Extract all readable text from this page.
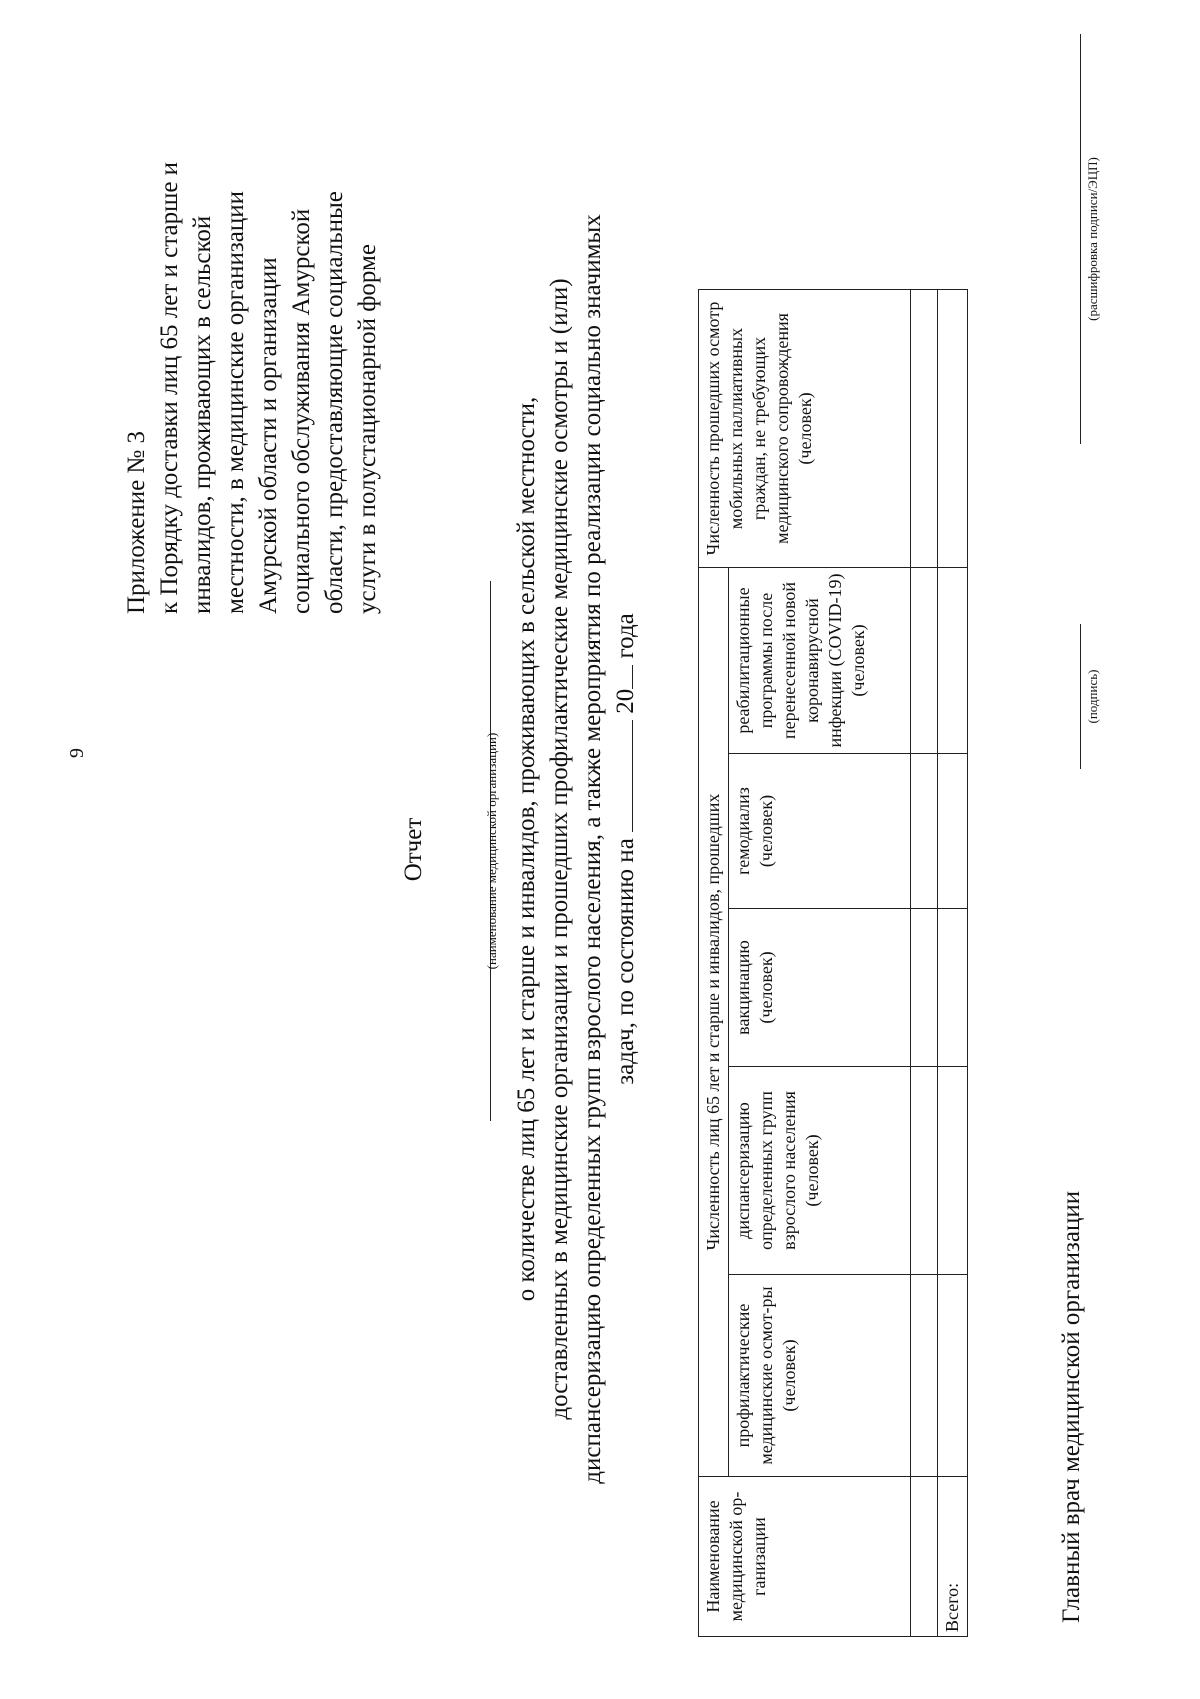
9
Приложение № 3 к Порядку доставки лиц 65 лет и старше и инвалидов, проживающих в сельской местности, в медицинские организации Амурской области и организации социального обслуживания Амурской области, предоставляющие социальные услуги в полустационарной форме
Отчет	(наименование медицинской организации) о количестве лиц 65 лет и старше и инвалидов, проживающих в сельской местности, доставленных в медицинские организации и прошедших профилактические медицинские осмотры и (или) диспансеризацию определенных групп взрослого населения, а также мероприятия по реализации социально значимых задач, по состоянию на  20 года
Наименование медицинской ор-ганизации	Численность лиц 65 лет и старше и инвалидов, прошедших					Численность прошедших осмотр мобильных паллиативных граждан, не требующих медицинского сопровождения (человек)
	профилактические медицинские осмот-ры (человек)	диспансеризацию определенных групп взрослого населения (человек)	вакцинацию (человек)	гемодиализ (человек)	реабилитационные программы после перенесенной новой коронавирусной инфекции (COVID-19) (человек)	

Всего:							Главный врач медицинской организации
(подпись)
(расшифровка подписи/ЭЦП)
